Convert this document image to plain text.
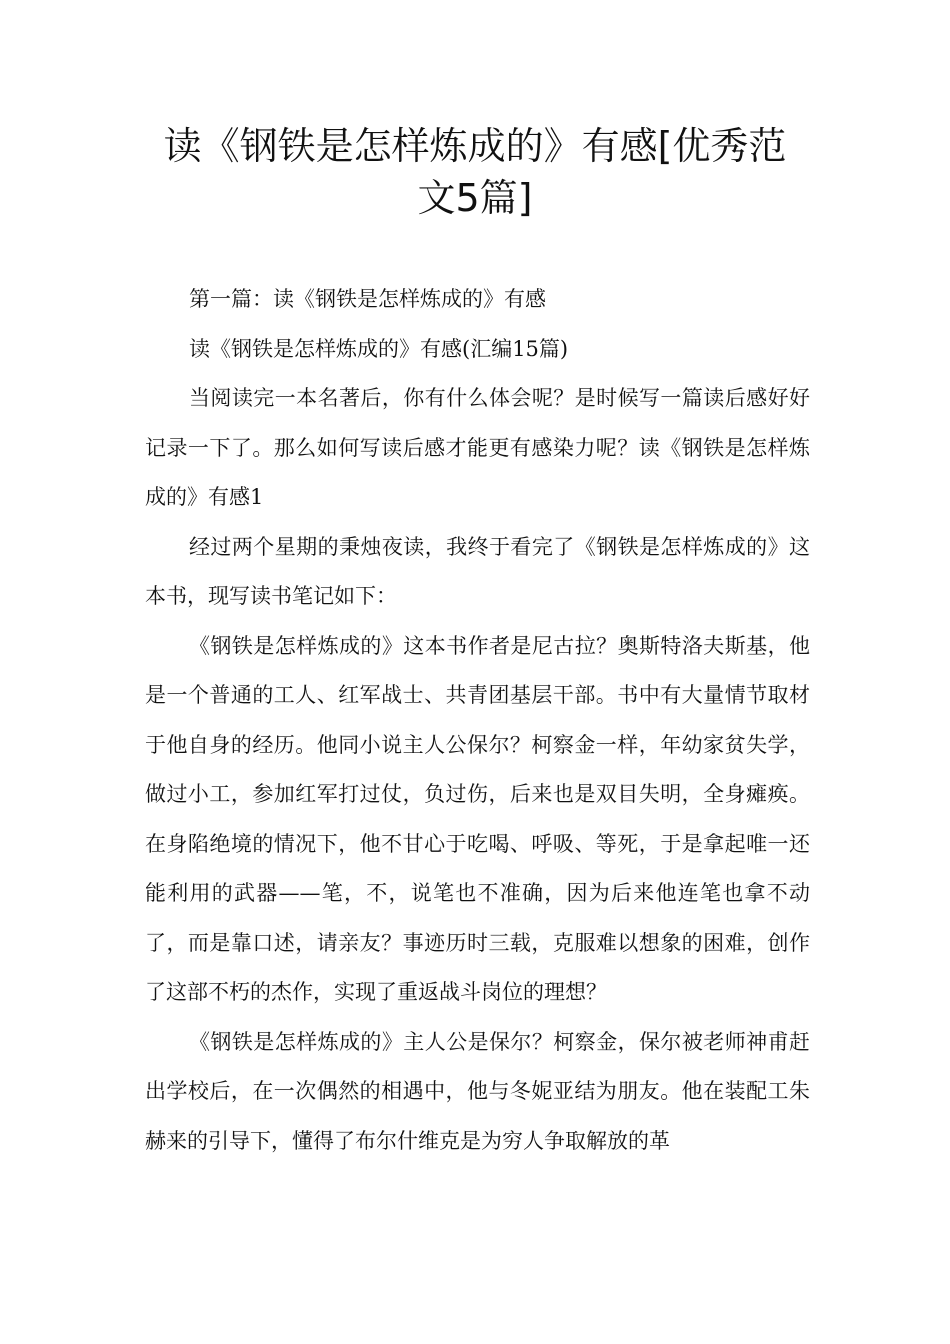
读《钢铁是怎样炼成的》有感[优秀范文5篇]

第一篇：读《钢铁是怎样炼成的》有感

读《钢铁是怎样炼成的》有感(汇编15篇)

当阅读完一本名著后，你有什么体会呢？是时候写一篇读后感好好记录一下了。那么如何写读后感才能更有感染力呢？读《钢铁是怎样炼成的》有感1

经过两个星期的秉烛夜读，我终于看完了《钢铁是怎样炼成的》这本书，现写读书笔记如下：

《钢铁是怎样炼成的》这本书作者是尼古拉？奥斯特洛夫斯基，他是一个普通的工人、红军战士、共青团基层干部。书中有大量情节取材于他自身的经历。他同小说主人公保尔？柯察金一样，年幼家贫失学，做过小工，参加红军打过仗，负过伤，后来也是双目失明，全身瘫痪。在身陷绝境的情况下，他不甘心于吃喝、呼吸、等死，于是拿起唯一还能利用的武器——笔，不，说笔也不准确，因为后来他连笔也拿不动了，而是靠口述，请亲友？事迹历时三载，克服难以想象的困难，创作了这部不朽的杰作，实现了重返战斗岗位的理想？

《钢铁是怎样炼成的》主人公是保尔？柯察金，保尔被老师神甫赶出学校后，在一次偶然的相遇中，他与冬妮亚结为朋友。他在装配工朱赫来的引导下，懂得了布尔什维克是为穷人争取解放的革
